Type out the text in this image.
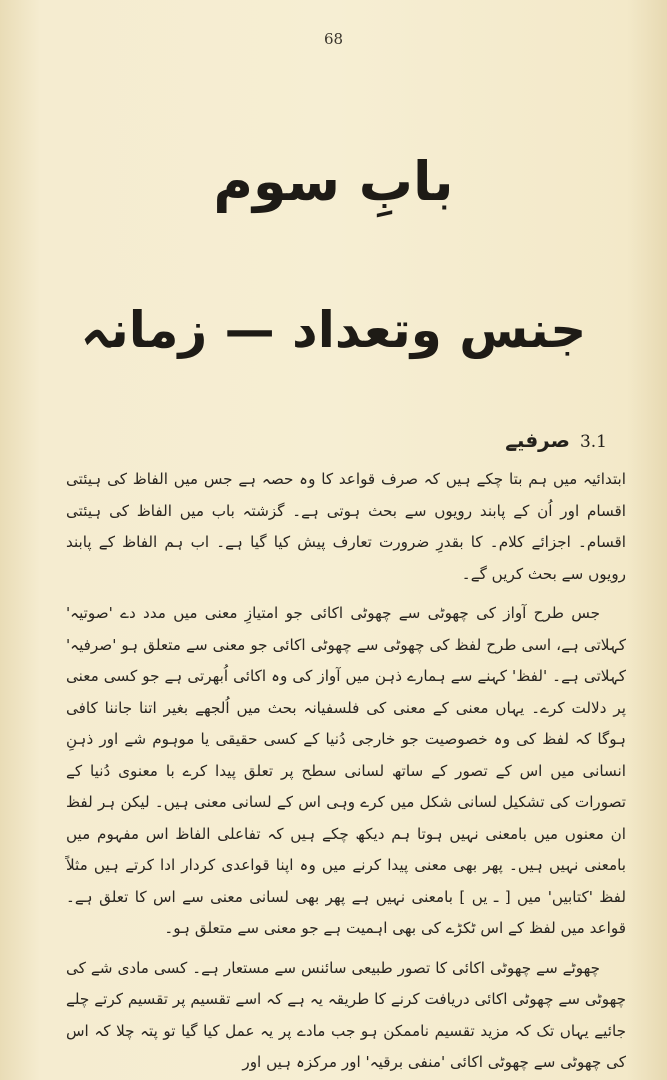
68
بابِ سوم
جنس وتعداد — زمانہ
3.1
صرفیے

ابتدائیہ میں ہم بتا چکے ہیں کہ صرف قواعد کا وہ حصہ ہے جس میں الفاظ کی ہیئتی اقسام اور اُن کے پابند رویوں سے بحث ہوتی ہے۔ گزشتہ باب میں الفاظ کی ہیئتی اقسام۔ اجزائے کلام۔ کا بقدرِ ضرورت تعارف پیش کیا گیا ہے۔ اب ہم الفاظ کے پابند رویوں سے بحث کریں گے۔

جس طرح آواز کی چھوٹی سے چھوٹی اکائی جو امتیازِ معنی میں مدد دے 'صوتیہ' کہلاتی ہے، اسی طرح لفظ کی چھوٹی سے چھوٹی اکائی جو معنی سے متعلق ہو 'صرفیہ' کہلاتی ہے۔ 'لفظ' کہنے سے ہمارے ذہن میں آواز کی وہ اکائی اُبھرتی ہے جو کسی معنی پر دلالت کرے۔ یہاں معنی کے معنی کی فلسفیانہ بحث میں اُلجھے بغیر اتنا جاننا کافی ہوگا کہ لفظ کی وہ خصوصیت جو خارجی دُنیا کے کسی حقیقی یا موہوم شے اور ذہنِ انسانی میں اس کے تصور کے ساتھ لسانی سطح پر تعلق پیدا کرے با معنوی دُنیا کے تصورات کی تشکیل لسانی شکل میں کرے وہی اس کے لسانی معنی ہیں۔ لیکن ہر لفظ ان معنوں میں بامعنی نہیں ہوتا ہم دیکھ چکے ہیں کہ تفاعلی الفاظ اس مفہوم میں بامعنی نہیں ہیں۔ پھر بھی معنی پیدا کرنے میں وہ اپنا قواعدی کردار ادا کرتے ہیں مثلاً لفظ 'کتابیں' میں [ ـ یں ] بامعنی نہیں ہے پھر بھی لسانی معنی سے اس کا تعلق ہے۔ قواعد میں لفظ کے اس ٹکڑے کی بھی اہمیت ہے جو معنی سے متعلق ہو۔

چھوٹے سے چھوٹی اکائی کا تصور طبیعی سائنس سے مستعار ہے۔ کسی مادی شے کی چھوٹی سے چھوٹی اکائی دریافت کرنے کا طریقہ یہ ہے کہ اسے تقسیم پر تقسیم کرتے چلے جائیے یہاں تک کہ مزید تقسیم ناممکن ہو جب مادے پر یہ عمل کیا گیا تو پتہ چلا کہ اس کی چھوٹی سے چھوٹی اکائی 'منفی برقیہ' اور مرکزہ ہیں اور
